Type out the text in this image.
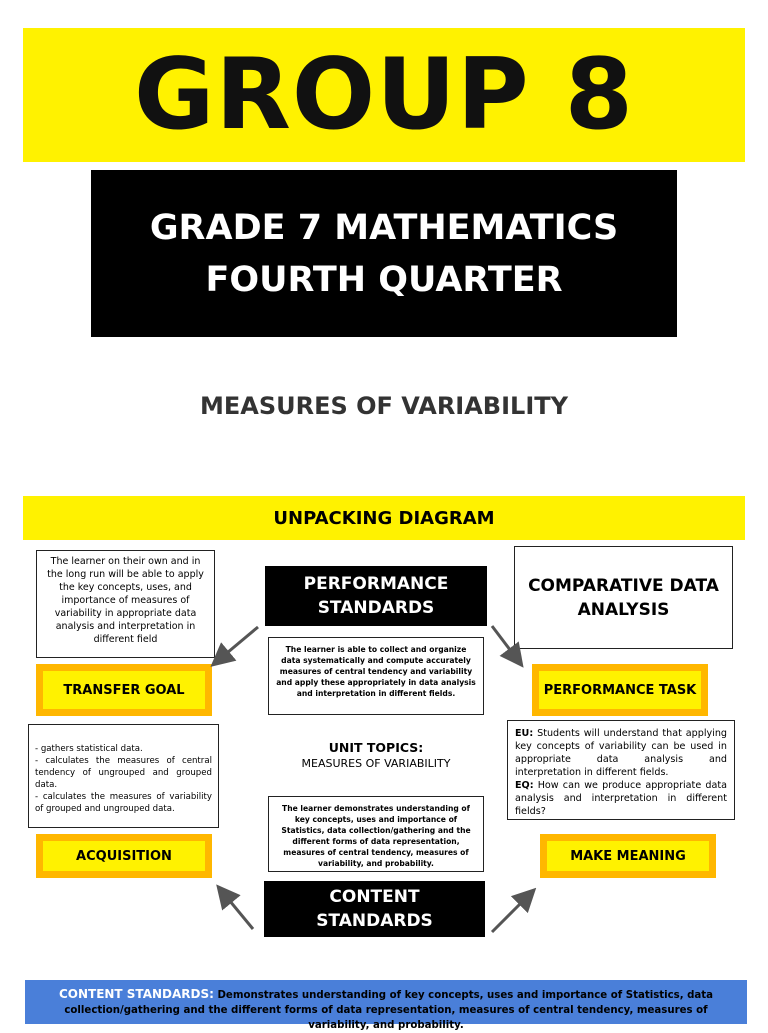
GROUP 8
GRADE 7 MATHEMATICS
FOURTH QUARTER
MEASURES OF VARIABILITY
UNPACKING DIAGRAM
The learner on their own and in the long run will be able to apply the key concepts, uses, and importance of measures of variability in appropriate data analysis and interpretation in different field
TRANSFER GOAL
- gathers statistical data.
- calculates the measures of central tendency of ungrouped and grouped data.
- calculates the measures of variability of grouped and ungrouped data.
ACQUISITION
PERFORMANCE STANDARDS
The learner is able to collect and organize data systematically and compute accurately measures of central tendency and variability and apply these appropriately in data analysis and interpretation in different fields.
UNIT TOPICS:
MEASURES OF VARIABILITY
The learner demonstrates understanding of key concepts, uses and importance of Statistics, data collection/gathering and the different forms of data representation, measures of central tendency, measures of variability, and probability.
CONTENT STANDARDS
COMPARATIVE DATA ANALYSIS
PERFORMANCE TASK
EU: Students will understand that applying key concepts of variability can be used in appropriate data analysis and interpretation in different fields.
EQ: How can we produce appropriate data analysis and interpretation in different fields?
MAKE MEANING
CONTENT STANDARDS: Demonstrates understanding of key concepts, uses and importance of Statistics, data collection/gathering and the different forms of data representation, measures of central tendency, measures of variability, and probability.
